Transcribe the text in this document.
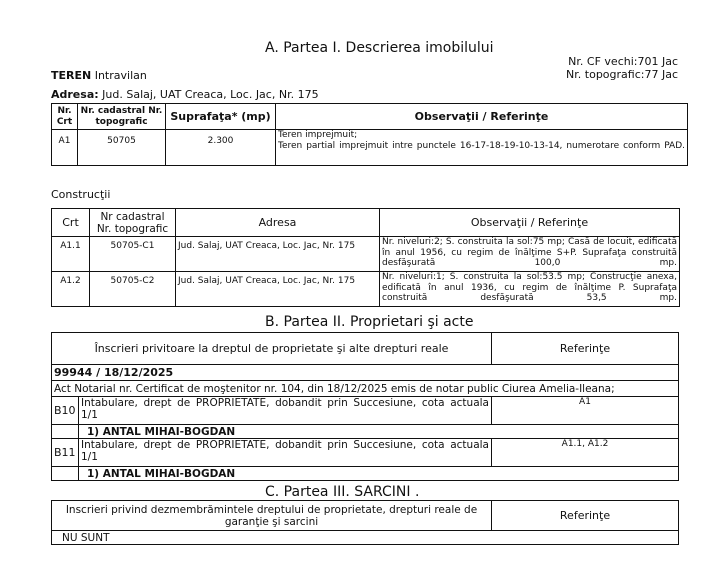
A. Partea I. Descrierea imobilului
Nr. CF vechi:701 Jac
Nr. topografic:77 Jac
TEREN Intravilan
Adresa: Jud. Salaj, UAT Creaca, Loc. Jac, Nr. 175
Nr. Crt	Nr. cadastral Nr. topografic	Suprafaţa* (mp)	Observaţii / Referinţe
A1	50705	2.300	Teren imprejmuit;
Teren partial imprejmuit intre punctele 16-17-18-19-10-13-14, numerotare conform PAD.
Construcţii
Crt	Nr cadastral Nr. topografic	Adresa	Observaţii / Referinţe
A1.1	50705-C1	Jud. Salaj, UAT Creaca, Loc. Jac, Nr. 175	Nr. niveluri:2; S. construita la sol:75 mp; Casă de locuit, edificată în anul 1956, cu regim de înălţime S+P. Suprafaţa construită desfăşurată 100,0 mp.
A1.2	50705-C2	Jud. Salaj, UAT Creaca, Loc. Jac, Nr. 175	Nr. niveluri:1; S. construita la sol:53.5 mp; Construcţie anexa, edificată în anul 1936, cu regim de înălţime P. Suprafaţa construită desfăşurată 53,5 mp.
B. Partea II. Proprietari şi acte
Înscrieri privitoare la dreptul de proprietate şi alte drepturi reale		Referinţe
99944 / 18/12/2025		
Act Notarial nr. Certificat de moştenitor nr. 104, din 18/12/2025 emis de notar public Ciurea Amelia-Ileana;		
B10	Intabulare, drept de PROPRIETATE, dobandit prin Succesiune, cota actuala 1/1	A1
	1) ANTAL MIHAI-BOGDAN	
B11	Intabulare, drept de PROPRIETATE, dobandit prin Succesiune, cota actuala 1/1	A1.1, A1.2
	1) ANTAL MIHAI-BOGDAN	
C. Partea III. SARCINI .
Inscrieri privind dezmembrămintele dreptului de proprietate, drepturi reale de garanţie şi sarcini	Referinţe
NU SUNT
